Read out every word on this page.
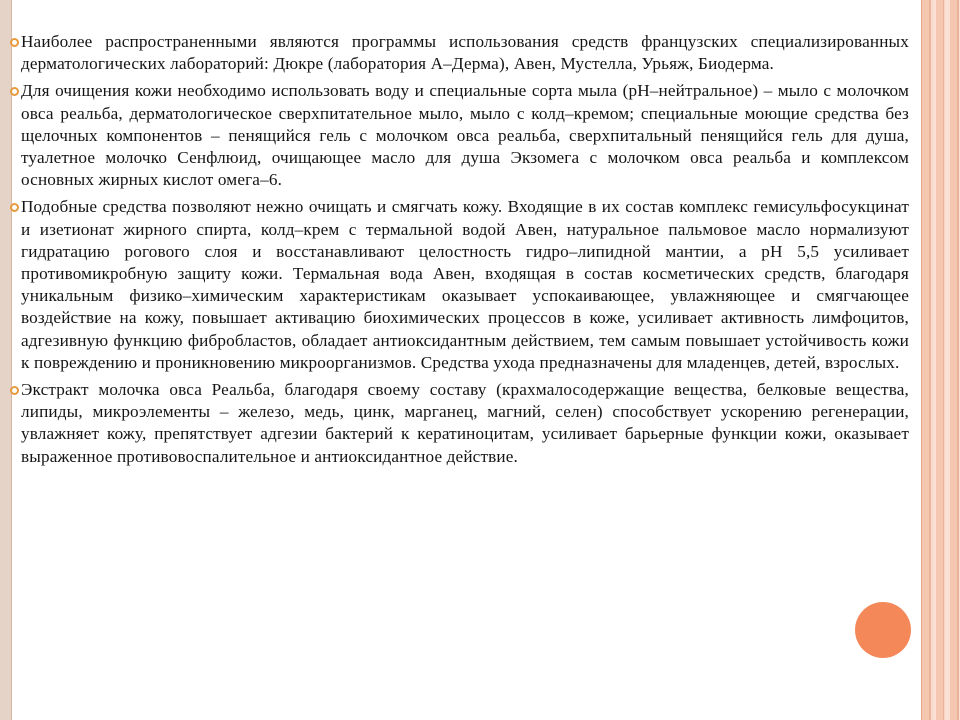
Наиболее распространенными являются программы использования средств французских специализированных дерматологических лабораторий: Дюкре (лаборатория А–Дерма), Авен, Мустелла, Урьяж, Биодерма.

Для очищения кожи необходимо использовать воду и специальные сорта мыла (рН–нейтральное) – мыло с молочком овса реальба, дерматологическое сверхпитательное мыло, мыло с колд–кремом; специальные моющие средства без щелочных компонентов – пенящийся гель с молочком овса реальба, сверхпитальный пенящийся гель для душа, туалетное молочко Сенфлюид, очищающее масло для душа Экзомега с молочком овса реальба и комплексом основных жирных кислот омега–6.

Подобные средства позволяют нежно очищать и смягчать кожу. Входящие в их состав комплекс гемисульфосукцинат и изетионат жирного спирта, колд–крем с термальной водой Авен, натуральное пальмовое масло нормализуют гидратацию рогового слоя и восстанавливают целостность гидро–липидной мантии, а рН 5,5 усиливает противомикробную защиту кожи. Термальная вода Авен, входящая в состав косметических средств, благодаря уникальным физико–химическим характеристикам оказывает успокаивающее, увлажняющее и смягчающее воздействие на кожу, повышает активацию биохимических процессов в коже, усиливает активность лимфоцитов, адгезивную функцию фибробластов, обладает антиоксидантным действием, тем самым повышает устойчивость кожи к повреждению и проникновению микроорганизмов. Средства ухода предназначены для младенцев, детей, взрослых.

Экстракт молочка овса Реальба, благодаря своему составу (крахмалосодержащие вещества, белковые вещества, липиды, микроэлементы – железо, медь, цинк, марганец, магний, селен) способствует ускорению регенерации, увлажняет кожу, препятствует адгезии бактерий к кератиноцитам, усиливает барьерные функции кожи, оказывает выраженное противовоспалительное и антиоксидантное действие.
